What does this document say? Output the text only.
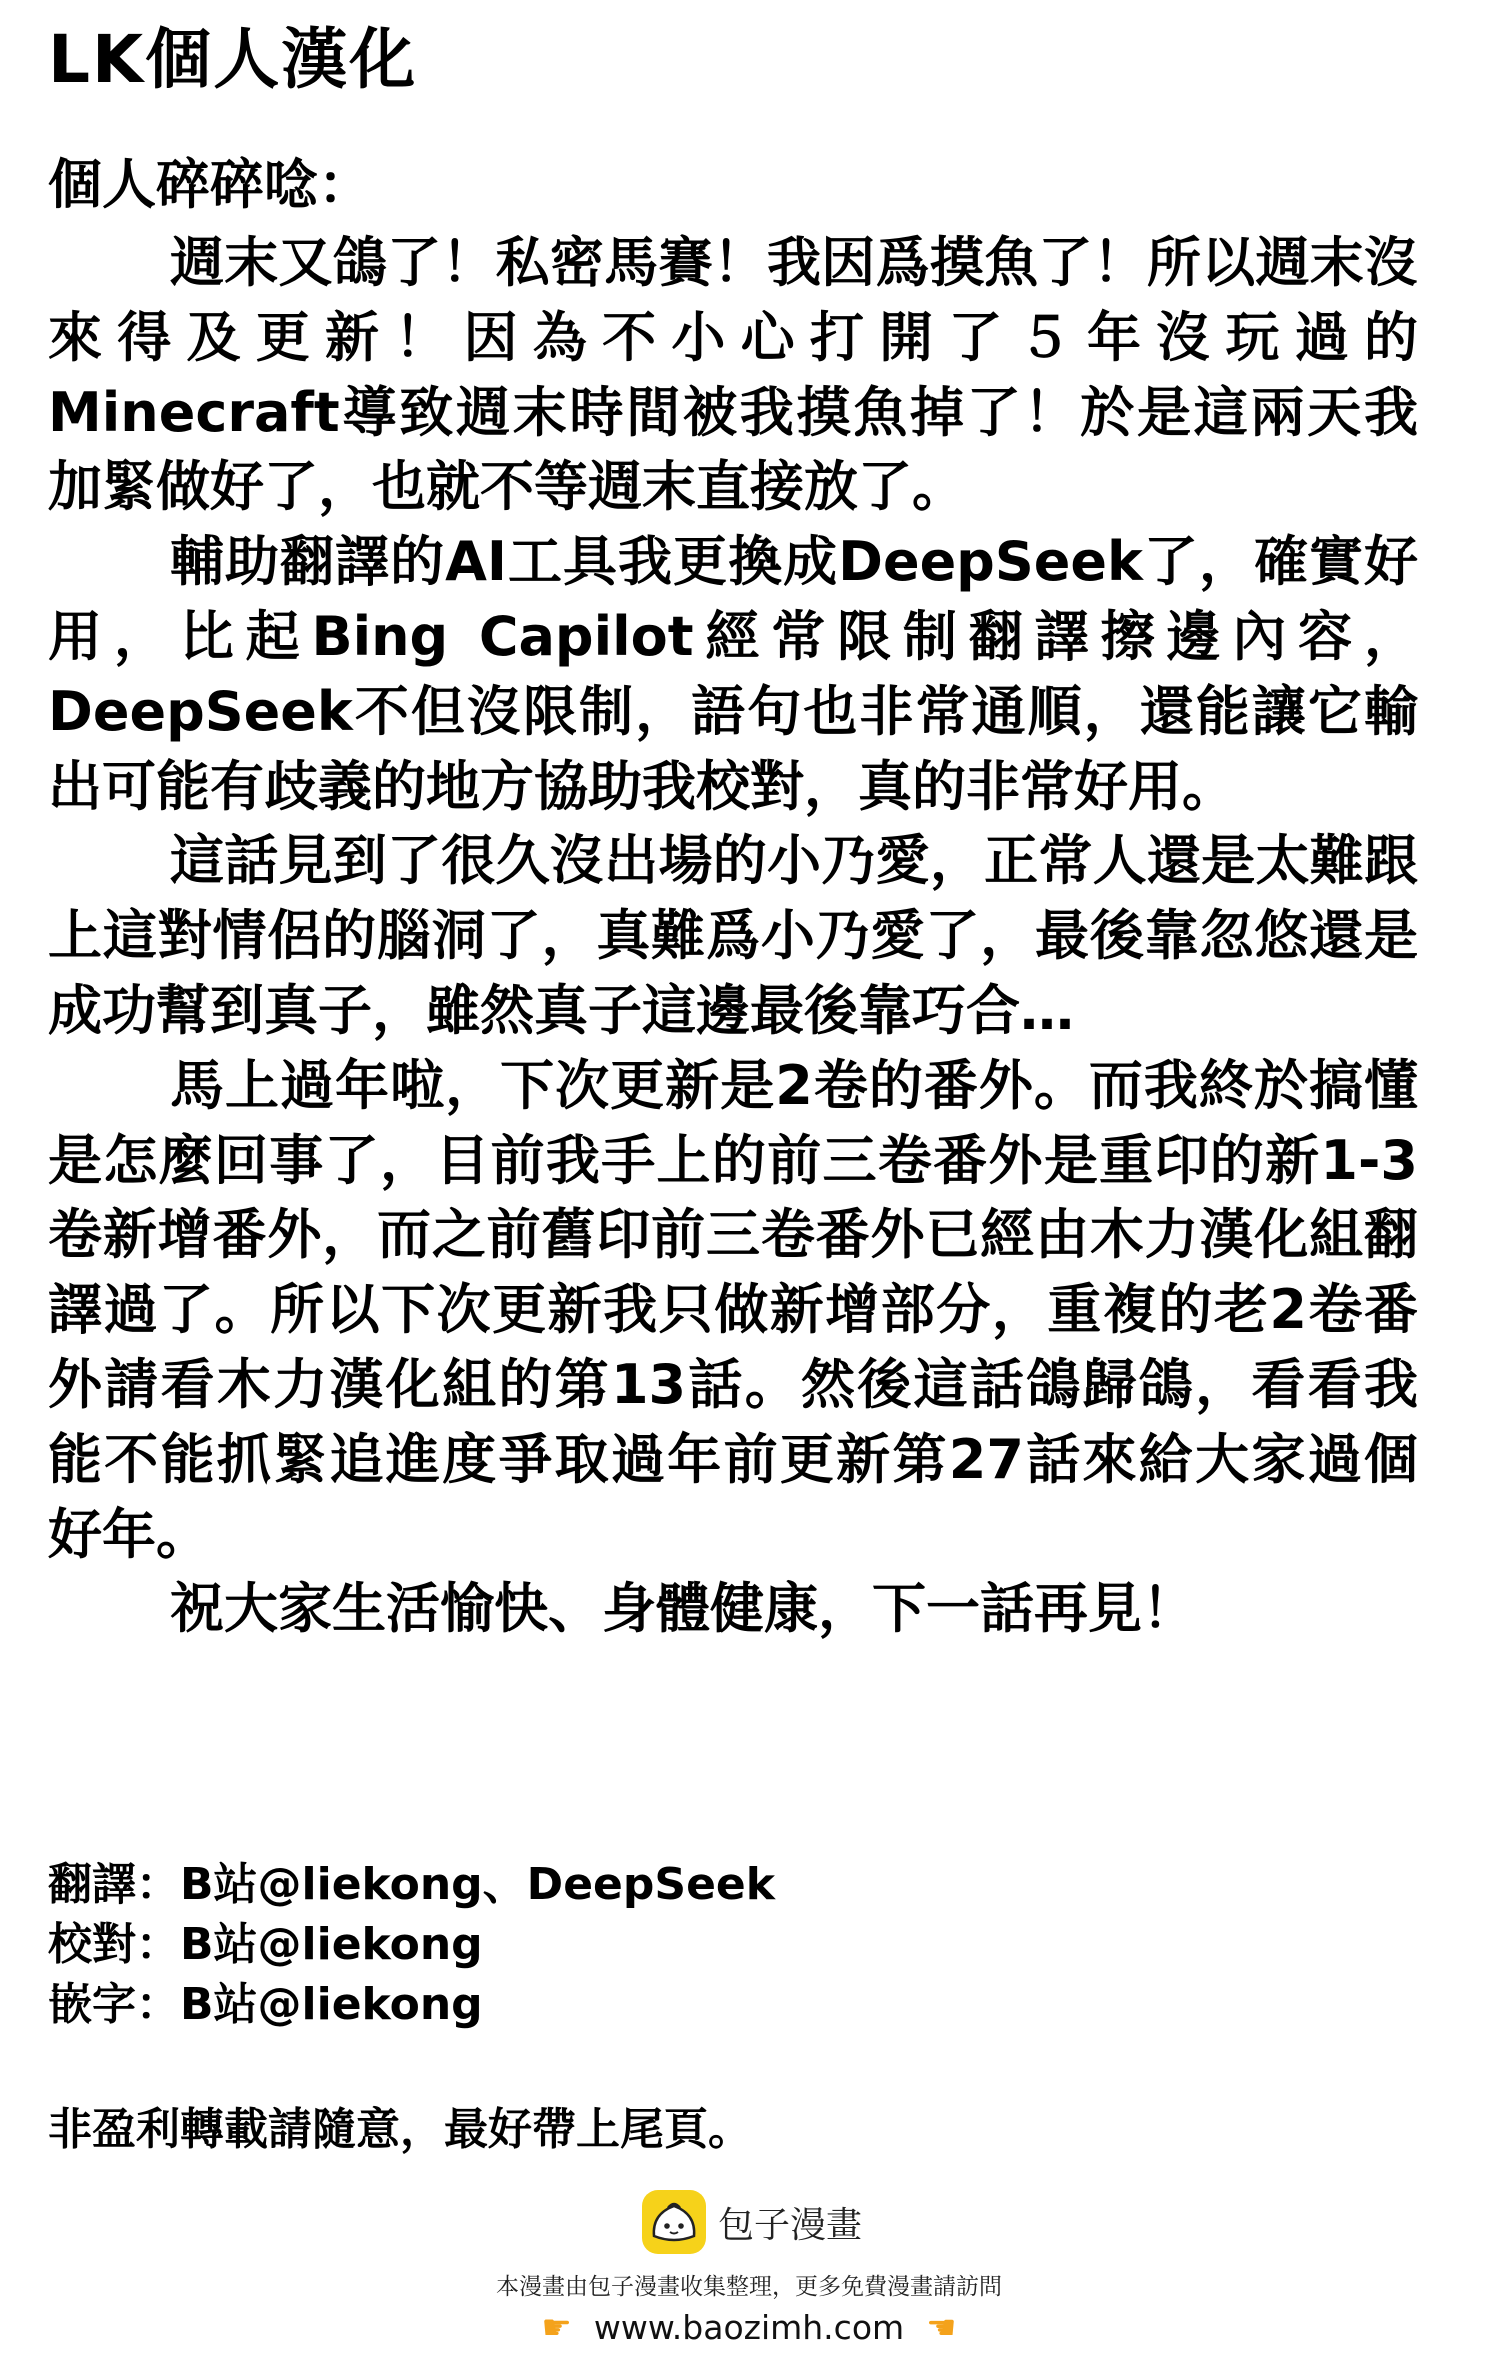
LK個人漢化
個人碎碎唸：

週末又鴿了！私密馬賽！我因爲摸魚了！所以週末沒來得及更新！因為不小心打開了５年沒玩過的Minecraft導致週末時間被我摸魚掉了！於是這兩天我加緊做好了，也就不等週末直接放了。

輔助翻譯的AI工具我更換成DeepSeek了，確實好用，比起Bing Capilot經常限制翻譯擦邊內容，DeepSeek不但沒限制，語句也非常通順，還能讓它輸出可能有歧義的地方協助我校對，真的非常好用。

這話見到了很久沒出場的小乃愛，正常人還是太難跟上這對情侶的腦洞了，真難爲小乃愛了，最後靠忽悠還是成功幫到真子，雖然真子這邊最後靠巧合…

馬上過年啦，下次更新是2卷的番外。而我終於搞懂是怎麼回事了，目前我手上的前三卷番外是重印的新1-3卷新增番外，而之前舊印前三卷番外已經由木力漢化組翻譯過了。所以下次更新我只做新增部分，重複的老2卷番外請看木力漢化組的第13話。然後這話鴿歸鴿，看看我能不能抓緊追進度爭取過年前更新第27話來給大家過個好年。

祝大家生活愉快、身體健康，下一話再見！

翻譯：B站@liekong、DeepSeek
校對：B站@liekong
嵌字：B站@liekong
非盈利轉載請隨意，最好帶上尾頁。
包子漫畫
本漫畫由包子漫畫收集整理，更多免費漫畫請訪問
☛ www.baozimh.com ☚
